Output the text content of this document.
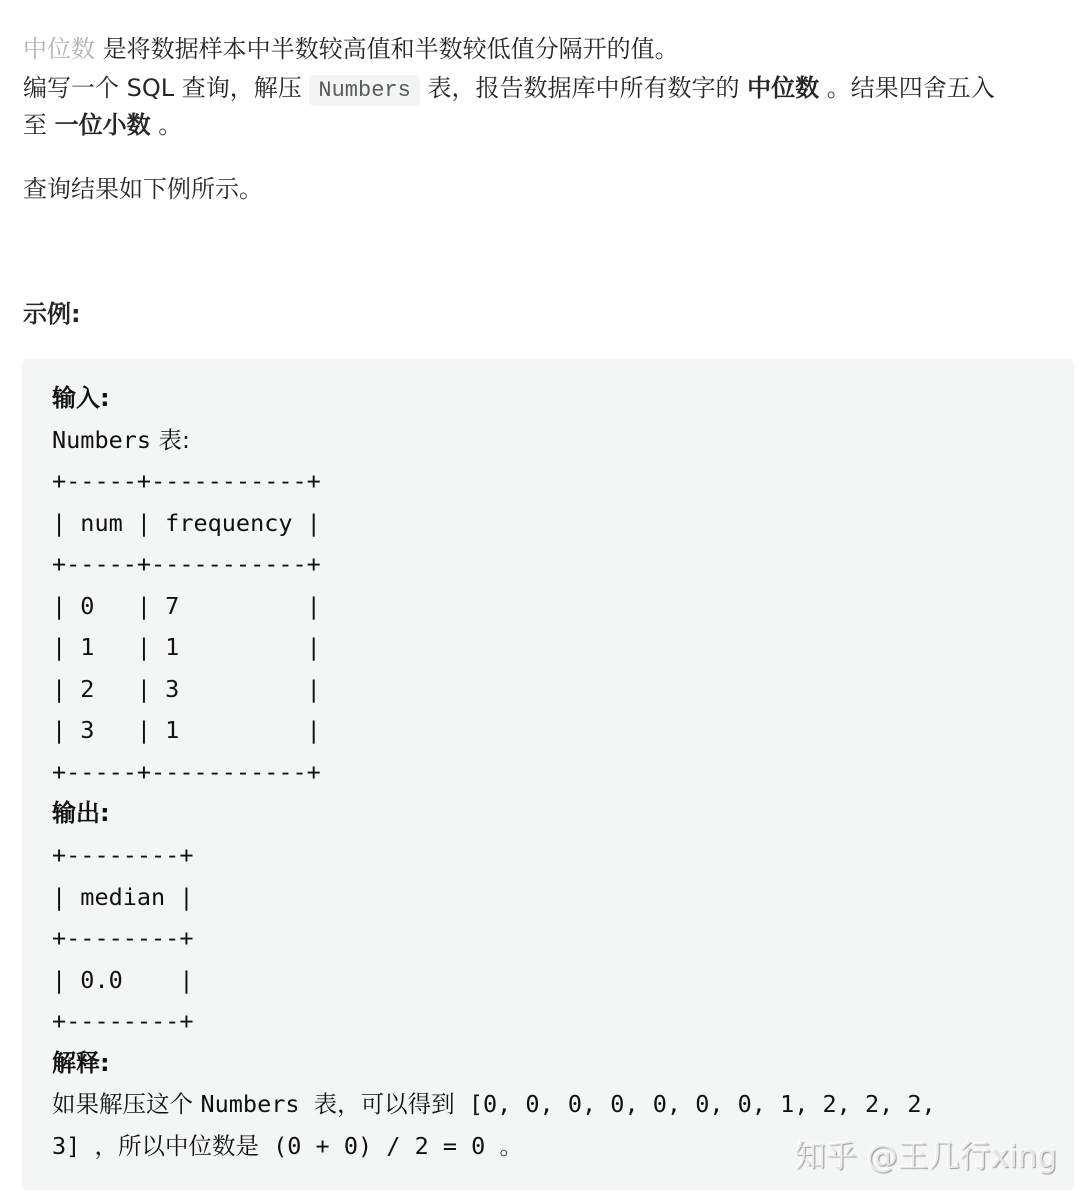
中位数 是将数据样本中半数较高值和半数较低值分隔开的值。

编写一个 SQL 查询，解压 Numbers 表，报告数据库中所有数字的 中位数 。结果四舍五入

至 一位小数 。

查询结果如下例所示。

示例:
输入:
Numbers 表:
+-----+-----------+
| num | frequency |
+-----+-----------+
| 0   | 7         |
| 1   | 1         |
| 2   | 3         |
| 3   | 1         |
+-----+-----------+
输出:
+--------+
| median |
+--------+
| 0.0    |
+--------+
解释:
如果解压这个 Numbers 表，可以得到 [0, 0, 0, 0, 0, 0, 0, 1, 2, 2, 2,
3] ，所以中位数是 (0 + 0) / 2 = 0 。	知乎 @王几行xing
